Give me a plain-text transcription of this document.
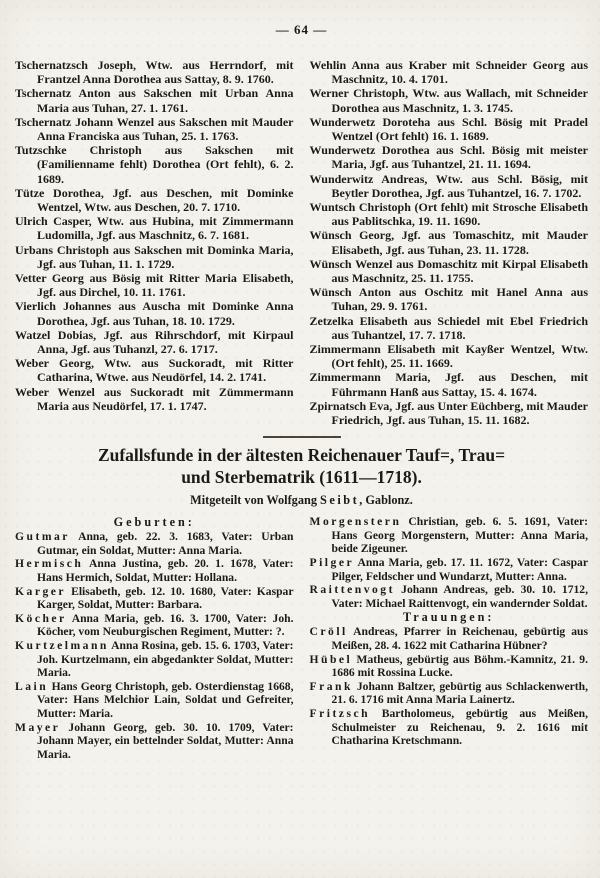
— 64 —

Tschernatzsch Joseph, Wtw. aus Herrndorf, mit Frantzel Anna Dorothea aus Sattay, 8. 9. 1760.

Tschernatz Anton aus Sakschen mit Urban Anna Maria aus Tuhan, 27. 1. 1761.

Tschernatz Johann Wenzel aus Sakschen mit Mauder Anna Franciska aus Tuhan, 25. 1. 1763.

Tutzschke Christoph aus Sakschen mit (Familienname fehlt) Dorothea (Ort fehlt), 6. 2. 1689.

Tütze Dorothea, Jgf. aus Deschen, mit Dominke Wentzel, Wtw. aus Deschen, 20. 7. 1710.

Ulrich Casper, Wtw. aus Hubina, mit Zimmermann Ludomilla, Jgf. aus Maschnitz, 6. 7. 1681.

Urbans Christoph aus Sakschen mit Dominka Maria, Jgf. aus Tuhan, 11. 1. 1729.

Vetter Georg aus Bösig mit Ritter Maria Elisabeth, Jgf. aus Dirchel, 10. 11. 1761.

Vierlich Johannes aus Auscha mit Dominke Anna Dorothea, Jgf. aus Tuhan, 18. 10. 1729.

Watzel Dobias, Jgf. aus Rihrschdorf, mit Kirpaul Anna, Jgf. aus Tuhanzl, 27. 6. 1717.

Weber Georg, Wtw. aus Suckoradt, mit Ritter Catharina, Wtwe. aus Neudörfel, 14. 2. 1741.

Weber Wenzel aus Suckoradt mit Zümmermann Maria aus Neudörfel, 17. 1. 1747.

Wehlin Anna aus Kraber mit Schneider Georg aus Maschnitz, 10. 4. 1701.

Werner Christoph, Wtw. aus Wallach, mit Schneider Dorothea aus Maschnitz, 1. 3. 1745.

Wunderwetz Doroteha aus Schl. Bösig mit Pradel Wentzel (Ort fehlt) 16. 1. 1689.

Wunderwetz Dorothea aus Schl. Bösig mit meister Maria, Jgf. aus Tuhantzel, 21. 11. 1694.

Wunderwitz Andreas, Wtw. aus Schl. Bösig, mit Beytler Dorothea, Jgf. aus Tuhantzel, 16. 7. 1702.

Wuntsch Christoph (Ort fehlt) mit Strosche Elisabeth aus Pablitschka, 19. 11. 1690.

Wünsch Georg, Jgf. aus Tomaschitz, mit Mauder Elisabeth, Jgf. aus Tuhan, 23. 11. 1728.

Wünsch Wenzel aus Domaschitz mit Kirpal Elisabeth aus Maschnitz, 25. 11. 1755.

Wünsch Anton aus Oschitz mit Hanel Anna aus Tuhan, 29. 9. 1761.

Zetzelka Elisabeth aus Schiedel mit Ebel Friedrich aus Tuhantzel, 17. 7. 1718.

Zimmermann Elisabeth mit Kayßer Wentzel, Wtw. (Ort fehlt), 25. 11. 1669.

Zimmermann Maria, Jgf. aus Deschen, mit Führmann Hanß aus Sattay, 15. 4. 1674.

Zpirnatsch Eva, Jgf. aus Unter Eüchberg, mit Mauder Friedrich, Jgf. aus Tuhan, 15. 11. 1682.

Zufallsfunde in der ältesten Reichenauer Tauf=, Trau=
und Sterbematrik (1611—1718).
Mitgeteilt von Wolfgang Seibt, Gablonz.
Geburten:

Gutmar Anna, geb. 22. 3. 1683, Vater: Urban Gutmar, ein Soldat, Mutter: Anna Maria.

Hermisch Anna Justina, geb. 20. 1. 1678, Vater: Hans Hermich, Soldat, Mutter: Hollana.

Karger Elisabeth, geb. 12. 10. 1680, Vater: Kaspar Karger, Soldat, Mutter: Barbara.

Köcher Anna Maria, geb. 16. 3. 1700, Vater: Joh. Köcher, vom Neuburgischen Regiment, Mutter: ?.

Kurtzelmann Anna Rosina, geb. 15. 6. 1703, Vater: Joh. Kurtzelmann, ein abgedankter Soldat, Mutter: Maria.

Lain Hans Georg Christoph, geb. Osterdienstag 1668, Vater: Hans Melchior Lain, Soldat und Gefreiter, Mutter: Maria.

Mayer Johann Georg, geb. 30. 10. 1709, Vater: Johann Mayer, ein bettelnder Soldat, Mutter: Anna Maria.

Morgenstern Christian, geb. 6. 5. 1691, Vater: Hans Georg Morgenstern, Mutter: Anna Maria, beide Zigeuner.

Pilger Anna Maria, geb. 17. 11. 1672, Vater: Caspar Pilger, Feldscher und Wundarzt, Mutter: Anna.

Raittenvogt Johann Andreas, geb. 30. 10. 1712, Vater: Michael Raittenvogt, ein wandernder Soldat.

Trauungen:

Cröll Andreas, Pfarrer in Reichenau, gebürtig aus Meißen, 28. 4. 1622 mit Catharina Hübner?

Hübel Matheus, gebürtig aus Böhm.-Kamnitz, 21. 9. 1686 mit Rossina Lucke.

Frank Johann Baltzer, gebürtig aus Schlackenwerth, 21. 6. 1716 mit Anna Maria Lainertz.

Fritzsch Bartholomeus, gebürtig aus Meißen, Schulmeister zu Reichenau, 9. 2. 1616 mit Chatharina Kretschmann.
